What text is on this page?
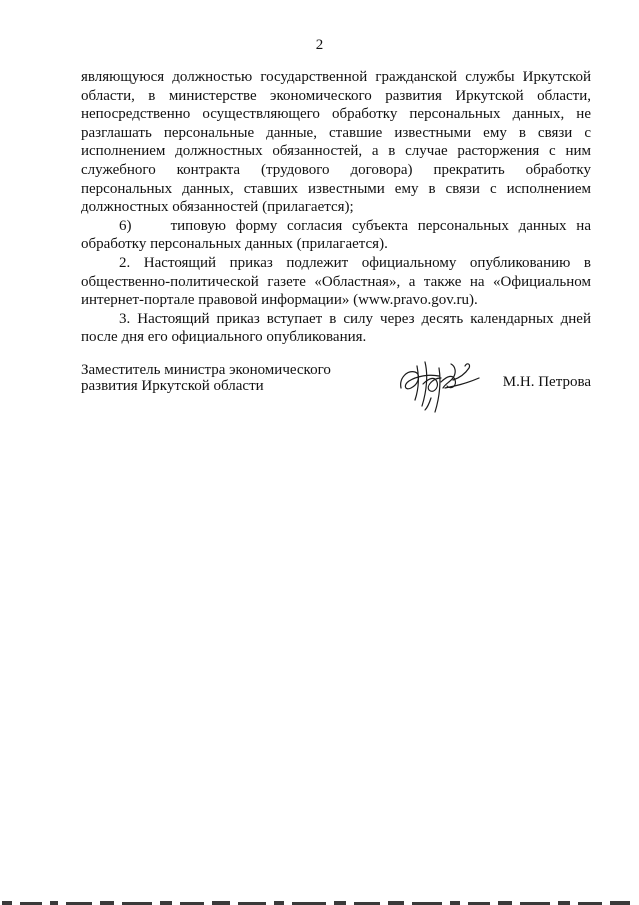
2

являющуюся должностью государственной гражданской службы Иркутской области, в министерстве экономического развития Иркутской области, непосредственно осуществляющего обработку персональных данных, не разглашать персональные данные, ставшие известными ему в связи с исполнением должностных обязанностей, а в случае расторжения с ним служебного контракта (трудового договора) прекратить обработку персональных данных, ставших известными ему в связи с исполнением должностных обязанностей (прилагается);

6)    типовую форму согласия субъекта персональных данных на обработку персональных данных (прилагается).

2. Настоящий приказ подлежит официальному опубликованию в общественно-политической газете «Областная», а также на «Официальном интернет-портале правовой информации» (www.pravo.gov.ru).

3. Настоящий приказ вступает в силу через десять календарных дней после дня его официального опубликования.

Заместитель министра экономического
развития Иркутской области	М.Н. Петрова
